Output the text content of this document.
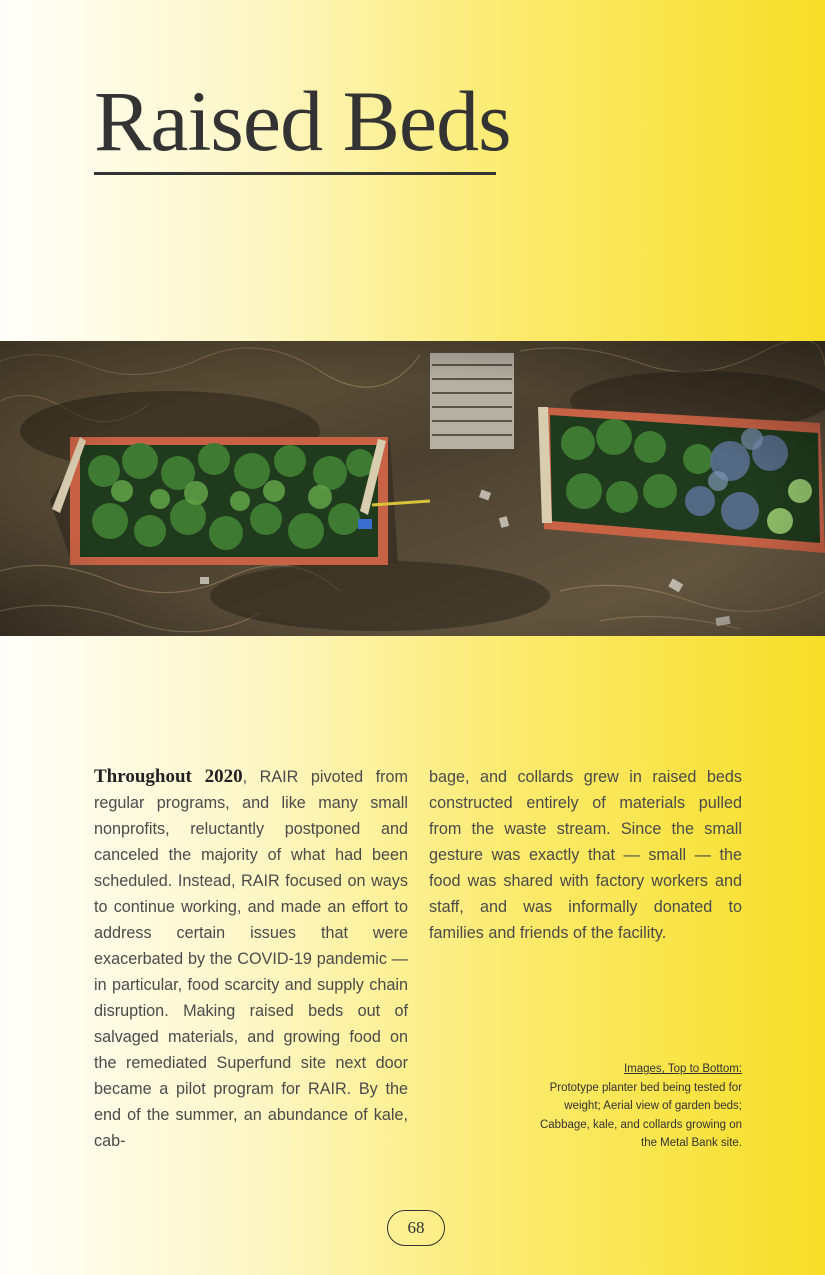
Raised Beds
Throughout 2020, RAIR pivoted from regular programs, and like many small nonprofits, reluctantly postponed and canceled the majority of what had been scheduled. Instead, RAIR focused on ways to continue working, and made an effort to address certain issues that were exacerbated by the COVID-19 pandemic — in particular, food scarcity and supply chain disruption. Making raised beds out of salvaged materials, and growing food on the remediated Superfund site next door became a pilot program for RAIR. By the end of the summer, an abundance of kale, cab-
bage, and collards grew in raised beds constructed entirely of materials pulled from the waste stream. Since the small gesture was exactly that — small — the food was shared with factory workers and staff, and was informally donated to families and friends of the facility.
Images, Top to Bottom:
Prototype planter bed being tested for
weight; Aerial view of garden beds;
Cabbage, kale, and collards growing on
the Metal Bank site.
68
